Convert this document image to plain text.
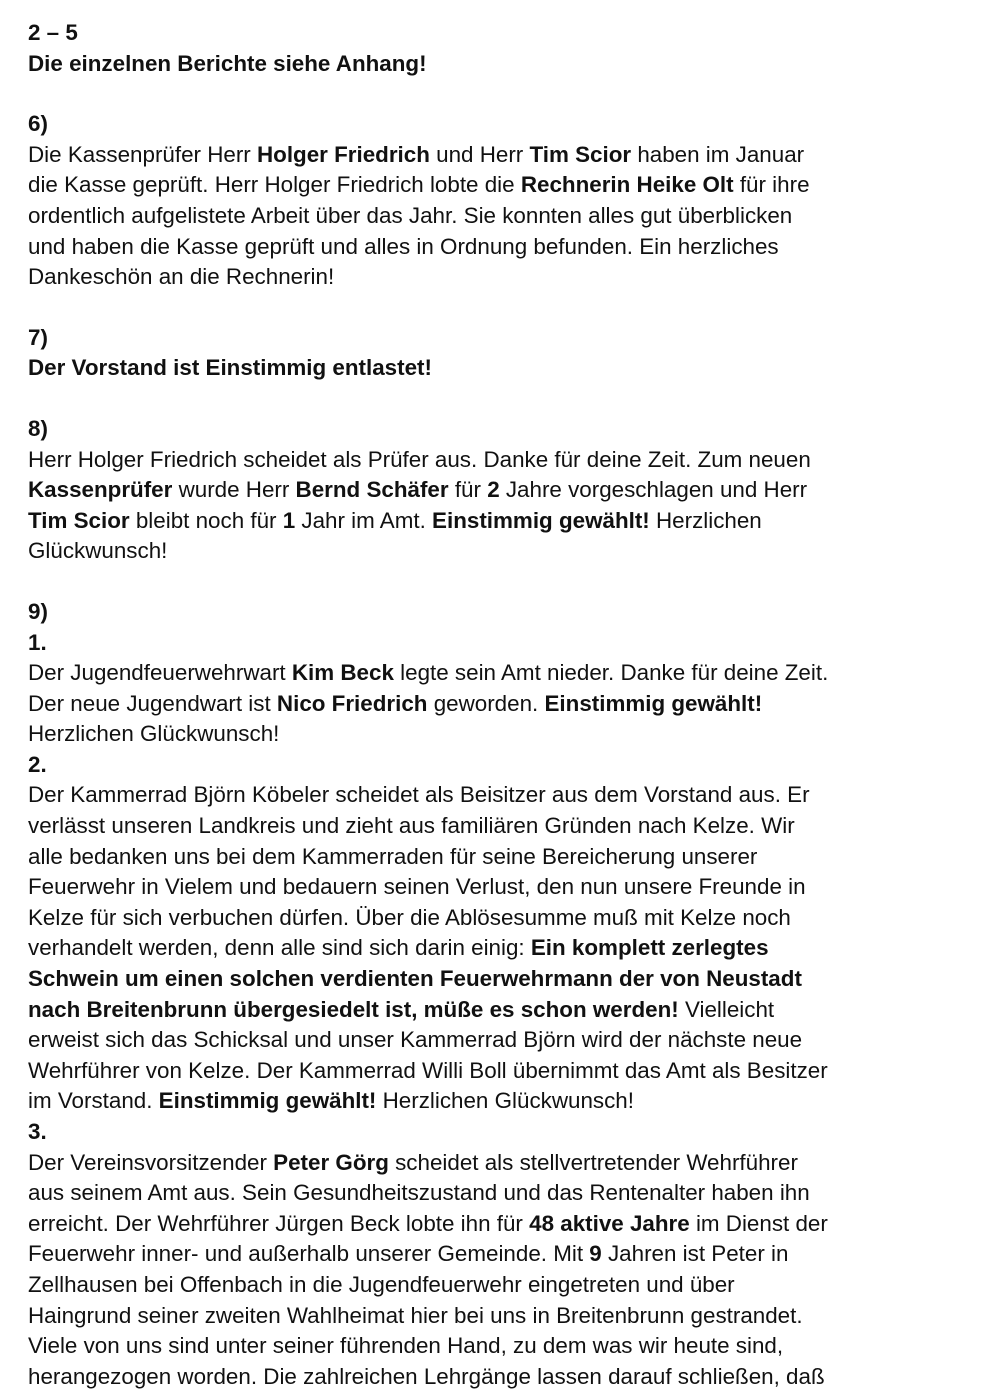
2 – 5

Die einzelnen Berichte siehe Anhang!

6)

Die Kassenprüfer Herr Holger Friedrich und Herr Tim Scior haben im Januar

die Kasse geprüft. Herr Holger Friedrich lobte die Rechnerin Heike Olt für ihre

ordentlich aufgelistete Arbeit über das Jahr. Sie konnten alles gut überblicken

und haben die Kasse geprüft und alles in Ordnung befunden. Ein herzliches

Dankeschön an die Rechnerin!

7)

Der Vorstand ist Einstimmig entlastet!

8)

Herr Holger Friedrich scheidet als Prüfer aus. Danke für deine Zeit. Zum neuen

Kassenprüfer wurde Herr Bernd Schäfer für 2 Jahre vorgeschlagen und Herr

Tim Scior bleibt noch für 1 Jahr im Amt. Einstimmig gewählt! Herzlichen

Glückwunsch!

9)

1.

Der Jugendfeuerwehrwart Kim Beck legte sein Amt nieder. Danke für deine Zeit.

Der neue Jugendwart ist Nico Friedrich geworden. Einstimmig gewählt!

Herzlichen Glückwunsch!

2.

Der Kammerrad Björn Köbeler scheidet als Beisitzer aus dem Vorstand aus. Er

verlässt unseren Landkreis und zieht aus familiären Gründen nach Kelze. Wir

alle bedanken uns bei dem Kammerraden für seine Bereicherung unserer

Feuerwehr in Vielem und bedauern seinen Verlust, den nun unsere Freunde in

Kelze für sich verbuchen dürfen. Über die Ablösesumme muß mit Kelze noch

verhandelt werden, denn alle sind sich darin einig: Ein komplett zerlegtes

Schwein um einen solchen verdienten Feuerwehrmann der von Neustadt

nach Breitenbrunn übergesiedelt ist, müße es schon werden! Vielleicht

erweist sich das Schicksal und unser Kammerrad Björn wird der nächste neue

Wehrführer von Kelze. Der Kammerrad Willi Boll übernimmt das Amt als Besitzer

im Vorstand. Einstimmig gewählt! Herzlichen Glückwunsch!

3.

Der Vereinsvorsitzender Peter Görg scheidet als stellvertretender Wehrführer

aus seinem Amt aus. Sein Gesundheitszustand und das Rentenalter haben ihn

erreicht. Der Wehrführer Jürgen Beck lobte ihn für 48 aktive Jahre im Dienst der

Feuerwehr inner- und außerhalb unserer Gemeinde. Mit 9 Jahren ist Peter in

Zellhausen bei Offenbach in die Jugendfeuerwehr eingetreten und über

Haingrund seiner zweiten Wahlheimat hier bei uns in Breitenbrunn gestrandet.

Viele von uns sind unter seiner führenden Hand, zu dem was wir heute sind,

herangezogen worden. Die zahlreichen Lehrgänge lassen darauf schließen, daß
